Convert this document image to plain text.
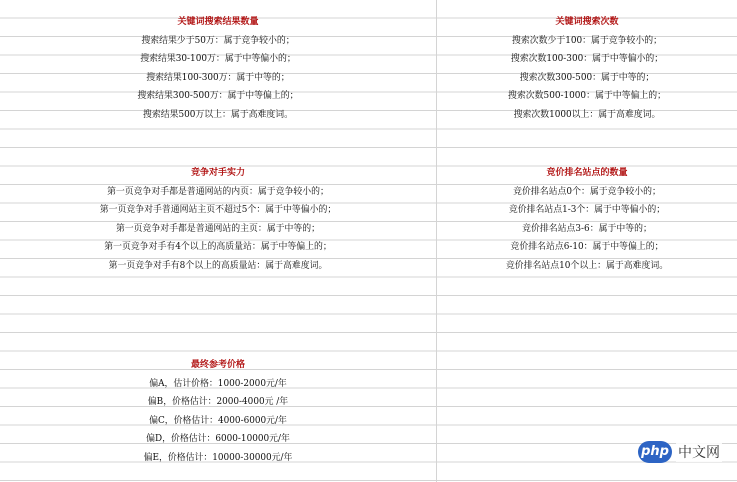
关键词搜索结果数量
搜索结果少于50万：属于竞争较小的；
搜索结果30-100万：属于中等偏小的；
搜索结果100-300万：属于中等的；
搜索结果300-500万：属于中等偏上的；
搜索结果500万以上：属于高难度词。
关键词搜索次数
搜索次数少于100：属于竞争较小的；
搜索次数100-300：属于中等偏小的；
搜索次数300-500：属于中等的；
搜索次数500-1000：属于中等偏上的；
搜索次数1000以上：属于高难度词。
竞争对手实力
第一页竞争对手都是普通网站的内页：属于竞争较小的；
第一页竞争对手普通网站主页不超过5个：属于中等偏小的；
第一页竞争对手都是普通网站的主页：属于中等的；
第一页竞争对手有4个以上的高质量站：属于中等偏上的；
第一页竞争对手有8个以上的高质量站：属于高难度词。
竞价排名站点的数量
竞价排名站点0个：属于竞争较小的；
竞价排名站点1-3个：属于中等偏小的；
竞价排名站点3-6：属于中等的；
竞价排名站点6-10：属于中等偏上的；
竞价排名站点10个以上：属于高难度词。
最终参考价格
偏A，估计价格：1000-2000元/年
偏B，价格估计：2000-4000元 /年
偏C，价格估计：4000-6000元/年
偏D，价格估计：6000-10000元/年
偏E，价格估计：10000-30000元/年	php 中文网
